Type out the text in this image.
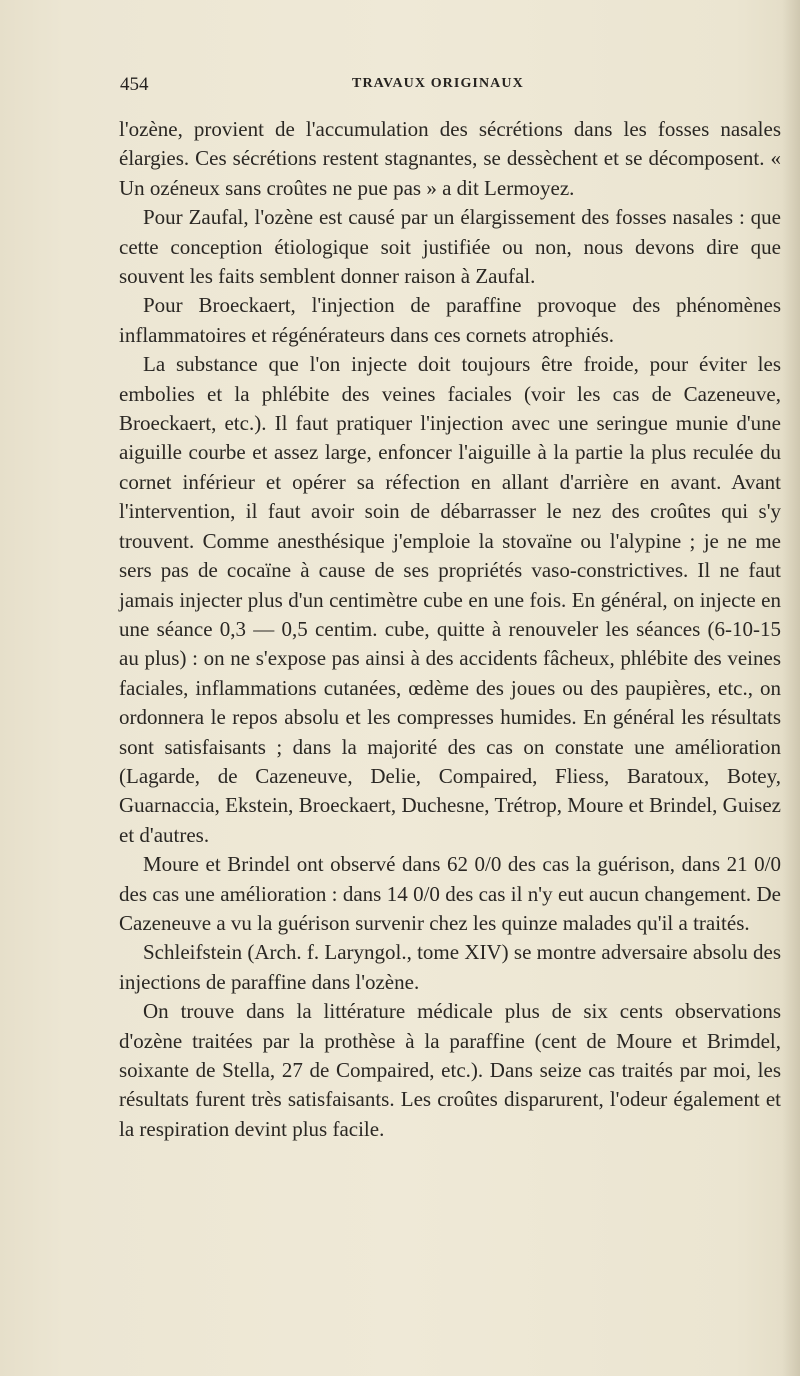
454	TRAVAUX ORIGINAUX

l'ozène, provient de l'accumulation des sécrétions dans les fosses nasales élargies. Ces sécrétions restent stagnantes, se dessèchent et se décomposent. « Un ozéneux sans croûtes ne pue pas » a dit Lermoyez.

Pour Zaufal, l'ozène est causé par un élargissement des fosses nasales : que cette conception étiologique soit justifiée ou non, nous devons dire que souvent les faits semblent donner raison à Zaufal.

Pour Broeckaert, l'injection de paraffine provoque des phénomènes inflammatoires et régénérateurs dans ces cornets atrophiés.

La substance que l'on injecte doit toujours être froide, pour éviter les embolies et la phlébite des veines faciales (voir les cas de Cazeneuve, Broeckaert, etc.). Il faut pratiquer l'injection avec une seringue munie d'une aiguille courbe et assez large, enfoncer l'aiguille à la partie la plus reculée du cornet inférieur et opérer sa réfection en allant d'arrière en avant. Avant l'intervention, il faut avoir soin de débarrasser le nez des croûtes qui s'y trouvent. Comme anesthésique j'emploie la stovaïne ou l'alypine ; je ne me sers pas de cocaïne à cause de ses propriétés vaso-constrictives. Il ne faut jamais injecter plus d'un centimètre cube en une fois. En général, on injecte en une séance 0,3 — 0,5 centim. cube, quitte à renouveler les séances (6-10-15 au plus) : on ne s'expose pas ainsi à des accidents fâcheux, phlébite des veines faciales, inflammations cutanées, œdème des joues ou des paupières, etc., on ordonnera le repos absolu et les compresses humides. En général les résultats sont satisfaisants ; dans la majorité des cas on constate une amélioration (Lagarde, de Cazeneuve, Delie, Compaired, Fliess, Baratoux, Botey, Guarnaccia, Ekstein, Broeckaert, Duchesne, Trétrop, Moure et Brindel, Guisez et d'autres.

Moure et Brindel ont observé dans 62 0/0 des cas la guérison, dans 21 0/0 des cas une amélioration : dans 14 0/0 des cas il n'y eut aucun changement. De Cazeneuve a vu la guérison survenir chez les quinze malades qu'il a traités.

Schleifstein (Arch. f. Laryngol., tome XIV) se montre adversaire absolu des injections de paraffine dans l'ozène.

On trouve dans la littérature médicale plus de six cents observations d'ozène traitées par la prothèse à la paraffine (cent de Moure et Brimdel, soixante de Stella, 27 de Compaired, etc.). Dans seize cas traités par moi, les résultats furent très satisfaisants. Les croûtes disparurent, l'odeur également et la respiration devint plus facile.
